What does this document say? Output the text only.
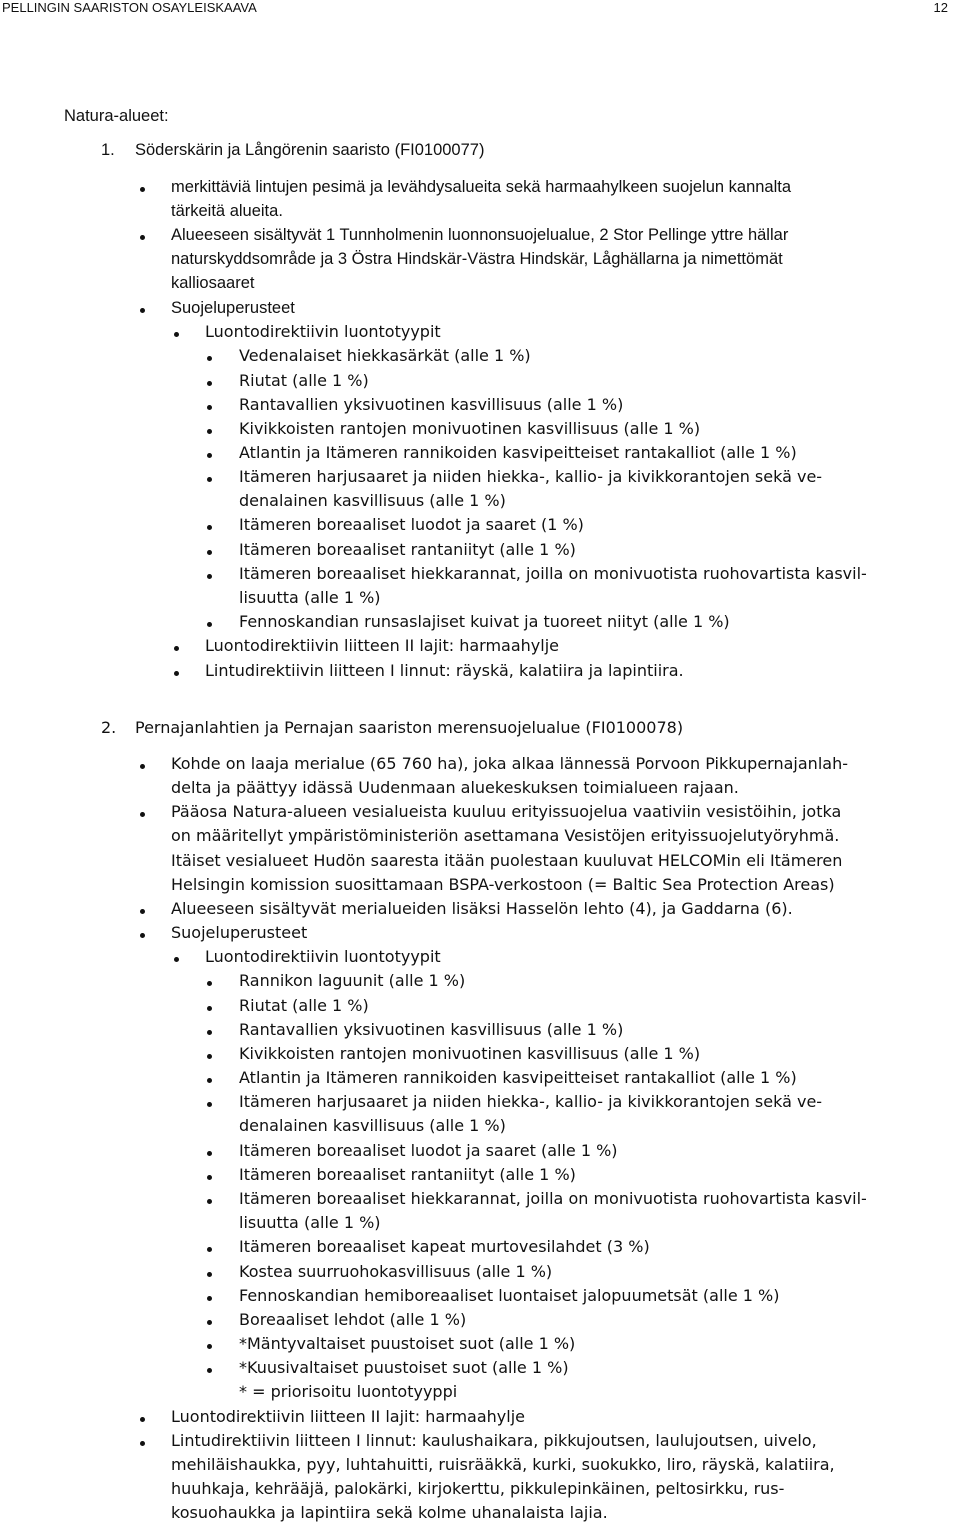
PELLINGIN SAARISTON OSAYLEISKAAVA	12
Natura-alueet:
1. Söderskärin ja Långörenin saaristo (FI0100077)
merkittäviä lintujen pesimä ja levähdysalueita sekä harmaahylkeen suojelun kannalta
tärkeitä alueita.
Alueeseen sisältyvät 1 Tunnholmenin luonnonsuojelualue, 2 Stor Pellinge yttre hällar
naturskyddsområde ja 3 Östra Hindskär-Västra Hindskär, Låghällarna ja nimettömät
kalliosaaret
Suojeluperusteet
Luontodirektiivin luontotyypit
Vedenalaiset hiekkasärkät (alle 1 %)
Riutat (alle 1 %)
Rantavallien yksivuotinen kasvillisuus (alle 1 %)
Kivikkoisten rantojen monivuotinen kasvillisuus (alle 1 %)
Atlantin ja Itämeren rannikoiden kasvipeitteiset rantakalliot (alle 1 %)
Itämeren harjusaaret ja niiden hiekka-, kallio- ja kivikkorantojen sekä ve-
denalainen kasvillisuus (alle 1 %)
Itämeren boreaaliset luodot ja saaret (1 %)
Itämeren boreaaliset rantaniityt (alle 1 %)
Itämeren boreaaliset hiekkarannat, joilla on monivuotista ruohovartista kasvil-
lisuutta (alle 1 %)
Fennoskandian runsaslajiset kuivat ja tuoreet niityt (alle 1 %)
Luontodirektiivin liitteen II lajit: harmaahylje
Lintudirektiivin liitteen I linnut: räyskä, kalatiira ja lapintiira.
2. Pernajanlahtien ja Pernajan saariston merensuojelualue (FI0100078)
Kohde on laaja merialue (65 760 ha), joka alkaa lännessä Porvoon Pikkupernajanlah-
delta ja päättyy idässä Uudenmaan aluekeskuksen toimialueen rajaan.
Pääosa Natura-alueen vesialueista kuuluu erityissuojelua vaativiin vesistöihin, jotka
on määritellyt ympäristöministeriön asettamana Vesistöjen erityissuojelutyöryhmä.
Itäiset vesialueet Hudön saaresta itään puolestaan kuuluvat HELCOMin eli Itämeren
Helsingin komission suosittamaan BSPA-verkostoon (= Baltic Sea Protection Areas)
Alueeseen sisältyvät merialueiden lisäksi Hasselön lehto (4), ja Gaddarna (6).
Suojeluperusteet
Luontodirektiivin luontotyypit
Rannikon laguunit (alle 1 %)
Riutat (alle 1 %)
Rantavallien yksivuotinen kasvillisuus (alle 1 %)
Kivikkoisten rantojen monivuotinen kasvillisuus (alle 1 %)
Atlantin ja Itämeren rannikoiden kasvipeitteiset rantakalliot (alle 1 %)
Itämeren harjusaaret ja niiden hiekka-, kallio- ja kivikkorantojen sekä ve-
denalainen kasvillisuus (alle 1 %)
Itämeren boreaaliset luodot ja saaret (alle 1 %)
Itämeren boreaaliset rantaniityt (alle 1 %)
Itämeren boreaaliset hiekkarannat, joilla on monivuotista ruohovartista kasvil-
lisuutta (alle 1 %)
Itämeren boreaaliset kapeat murtovesilahdet (3 %)
Kostea suurruohokasvillisuus (alle 1 %)
Fennoskandian hemiboreaaliset luontaiset jalopuumetsät (alle 1 %)
Boreaaliset lehdot (alle 1 %)
*Mäntyvaltaiset puustoiset suot (alle 1 %)
*Kuusivaltaiset puustoiset suot (alle 1 %)
* = priorisoitu luontotyyppi
Luontodirektiivin liitteen II lajit: harmaahylje
Lintudirektiivin liitteen I linnut: kaulushaikara, pikkujoutsen, laulujoutsen, uivelo,
mehiläishaukka, pyy, luhtahuitti, ruisrääkkä, kurki, suokukko, liro, räyskä, kalatiira,
huuhkaja, kehrääjä, palokärki, kirjokerttu, pikkulepinkäinen, peltosirkku, rus-
kosuohaukka ja lapintiira sekä kolme uhanalaista lajia.
